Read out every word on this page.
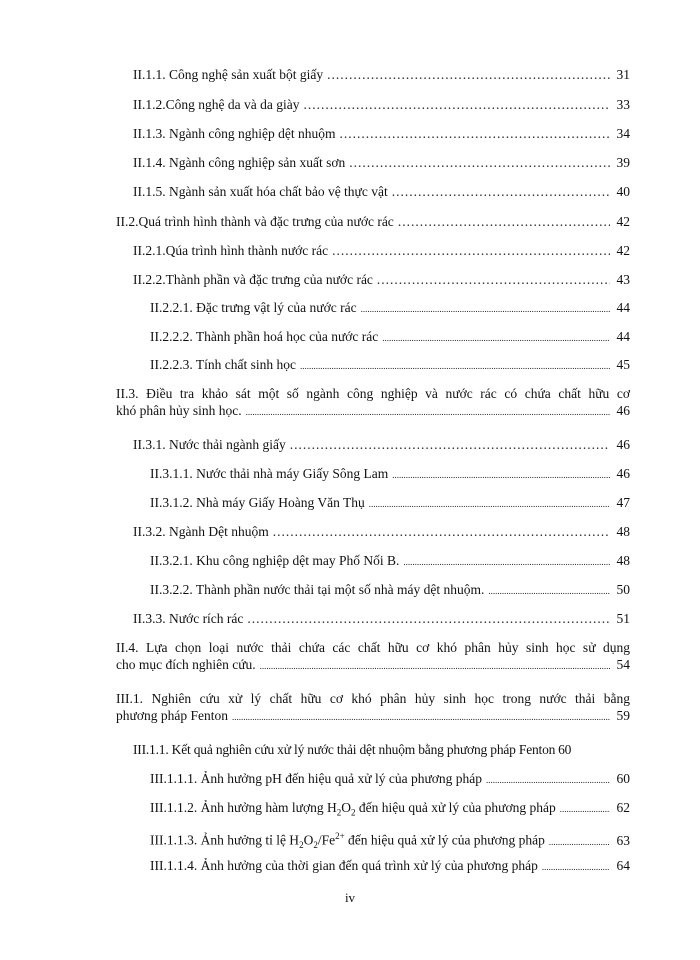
II.1.1. Công nghệ sản xuất bột giấy .....	31
II.1.2.Công nghệ da và da giày .....	33
II.1.3. Ngành công nghiệp dệt nhuộm .....	34
II.1.4. Ngành công nghiệp sản xuất sơn .....	39
II.1.5. Ngành sản xuất hóa chất bảo vệ thực vật .....	40
II.2.Quá trình hình thành và đặc trưng của nước rác .....	42
II.2.1.Qúa trình hình thành nước rác .....	42
II.2.2.Thành phần và đặc trưng của nước rác .....	43
II.2.2.1. Đặc trưng vật lý của nước rác .....	44
II.2.2.2. Thành phần hoá học của nước rác .....	44
II.2.2.3. Tính chất sinh học .....	45
II.3. Điều tra khảo sát một số ngành công nghiệp và nước rác có chứa chất hữu cơ
khó phân hủy sinh học. .....	46
II.3.1. Nước thải ngành giấy .....	46
II.3.1.1. Nước thải nhà máy Giấy Sông Lam .....	46
II.3.1.2. Nhà máy Giấy Hoàng Văn Thụ .....	47
II.3.2. Ngành Dệt nhuộm .....	48
II.3.2.1. Khu công nghiệp dệt may Phố Nối B. .....	48
II.3.2.2. Thành phần nước thải tại một số nhà máy dệt nhuộm. .....	50
II.3.3. Nước rích rác .....	51
II.4. Lựa chọn loại nước thải chứa các chất hữu cơ khó phân hủy sinh học sử dụng
cho mục đích nghiên cứu. .....	54
III.1. Nghiên cứu xử lý chất hữu cơ khó phân hủy sinh học trong nước thải bằng
phương pháp Fenton .....	59
III.1.1. Kết quả nghiên cứu xử lý nước thải dệt nhuộm bằng phương pháp Fenton 60
III.1.1.1. Ảnh hưởng pH đến hiệu quả xử lý của phương pháp .....	60
III.1.1.2. Ảnh hưởng hàm lượng $H_2O_2$ đến hiệu quả xử lý của phương pháp .....	62
III.1.1.3. Ảnh hưởng tỉ lệ $H_2O_2/Fe^{2+}$ đến hiệu quả xử lý của phương pháp .....	63
III.1.1.4. Ảnh hưởng của thời gian đến quá trình xử lý của phương pháp .....	64
iv
